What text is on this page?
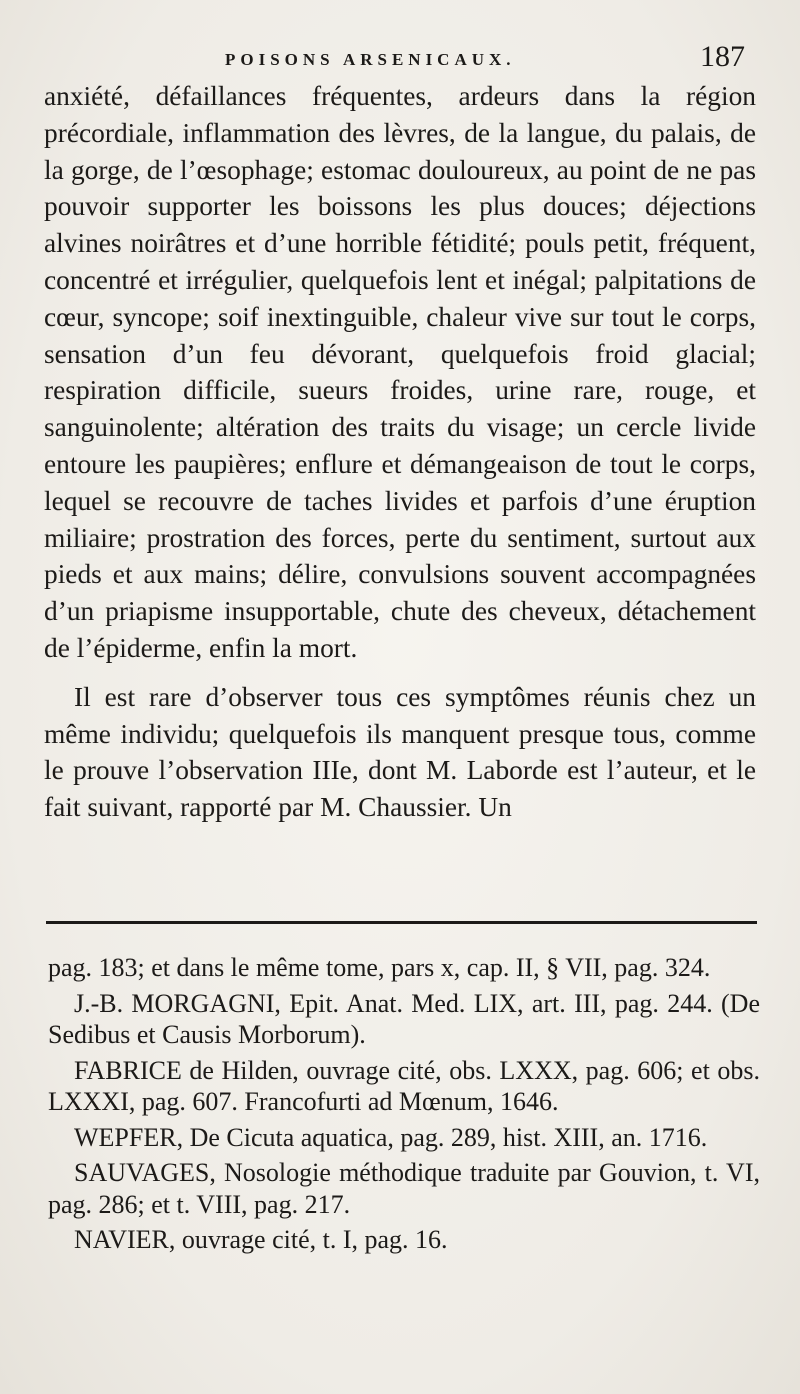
POISONS ARSENICAUX.	187

anxiété, défaillances fréquentes, ardeurs dans la région précordiale, inflammation des lèvres, de la langue, du palais, de la gorge, de l’œsophage; estomac douloureux, au point de ne pas pouvoir supporter les boissons les plus douces; déjections alvines noirâtres et d’une horrible fétidité; pouls petit, fréquent, concentré et irrégulier, quelquefois lent et inégal; palpitations de cœur, syncope; soif inextinguible, chaleur vive sur tout le corps, sensation d’un feu dévorant, quelquefois froid glacial; respiration difficile, sueurs froides, urine rare, rouge, et sanguinolente; altération des traits du visage; un cercle livide entoure les paupières; enflure et démangeaison de tout le corps, lequel se recouvre de taches livides et parfois d’une éruption miliaire; prostration des forces, perte du sentiment, surtout aux pieds et aux mains; délire, convulsions souvent accompagnées d’un priapisme insupportable, chute des cheveux, détachement de l’épiderme, enfin la mort.

Il est rare d’observer tous ces symptômes réunis chez un même individu; quelquefois ils manquent presque tous, comme le prouve l’observation IIIe, dont M. Laborde est l’auteur, et le fait suivant, rapporté par M. Chaussier. Un

pag. 183; et dans le même tome, pars x, cap. II, § VII, pag. 324.

J.-B. MORGAGNI, Epit. Anat. Med. LIX, art. III, pag. 244. (De Sedibus et Causis Morborum).

FABRICE de Hilden, ouvrage cité, obs. LXXX, pag. 606; et obs. LXXXI, pag. 607. Francofurti ad Mœnum, 1646.

WEPFER, De Cicuta aquatica, pag. 289, hist. XIII, an. 1716.

SAUVAGES, Nosologie méthodique traduite par Gouvion, t. VI, pag. 286; et t. VIII, pag. 217.

NAVIER, ouvrage cité, t. I, pag. 16.
